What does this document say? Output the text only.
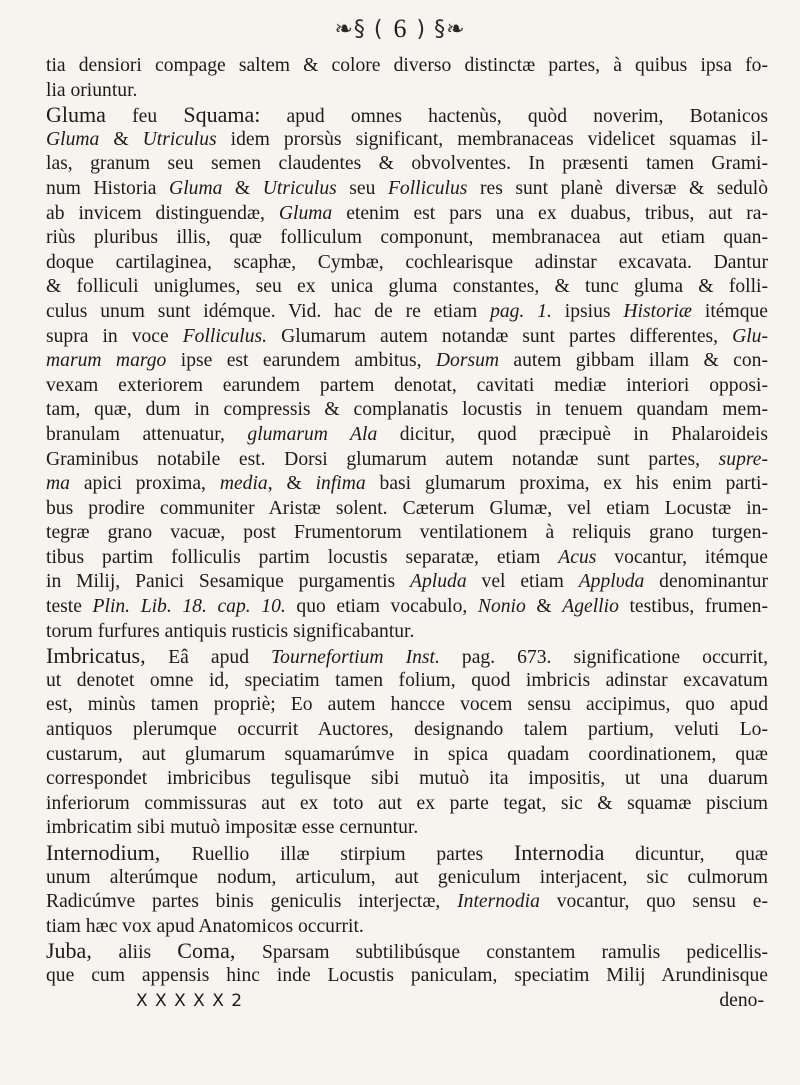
❧§ ( 6 ) §❧
tia densiori compage saltem & colore diverso distinctæ partes, à quibus ipsa fo-
lia oriuntur.
Gluma feu Squama: apud omnes hactenùs, quòd noverim, Botanicos
Gluma & Utriculus idem prorsùs significant, membranaceas videlicet squamas il-
las, granum seu semen claudentes & obvolventes. In præsenti tamen Grami-
num Historia Gluma & Utriculus seu Folliculus res sunt planè diversæ & sedulò
ab invicem distinguendæ, Gluma etenim est pars una ex duabus, tribus, aut ra-
riùs pluribus illis, quæ folliculum componunt, membranacea aut etiam quan-
doque cartilaginea, scaphæ, Cymbæ, cochlearisque adinstar excavata. Dantur
& folliculi uniglumes, seu ex unica gluma constantes, & tunc gluma & folli-
culus unum sunt idémque. Vid. hac de re etiam pag. 1. ipsius Historiæ itémque
supra in voce Folliculus. Glumarum autem notandæ sunt partes differentes, Glu-
marum margo ipse est earundem ambitus, Dorsum autem gibbam illam & con-
vexam exteriorem earundem partem denotat, cavitati mediæ interiori opposi-
tam, quæ, dum in compressis & complanatis locustis in tenuem quandam mem-
branulam attenuatur, glumarum Ala dicitur, quod præcipuè in Phalaroideis
Graminibus notabile est. Dorsi glumarum autem notandæ sunt partes, supre-
ma apici proxima, media, & infima basi glumarum proxima, ex his enim parti-
bus prodire communiter Aristæ solent. Cæterum Glumæ, vel etiam Locustæ in-
tegræ grano vacuæ, post Frumentorum ventilationem à reliquis grano turgen-
tibus partim folliculis partim locustis separatæ, etiam Acus vocantur, itémque
in Milij, Panici Sesamique purgamentis Apluda vel etiam Applυda denominantur
teste Plin. Lib. 18. cap. 10. quo etiam vocabulo, Nonio & Agellio testibus, frumen-
torum furfures antiquis rusticis significabantur.
Imbricatus, Eâ apud Tournefortium Inst. pag. 673. significatione occurrit,
ut denotet omne id, speciatim tamen folium, quod imbricis adinstar excavatum
est, minùs tamen propriè; Eo autem hancce vocem sensu accipimus, quo apud
antiquos plerumque occurrit Auctores, designando talem partium, veluti Lo-
custarum, aut glumarum squamarúmve in spica quadam coordinationem, quæ
correspondet imbricibus tegulisque sibi mutuò ita impositis, ut una duarum
inferiorum commissuras aut ex toto aut ex parte tegat, sic & squamæ piscium
imbricatim sibi mutuò impositæ esse cernuntur.
Internodium, Ruellio illæ stirpium partes Internodia dicuntur, quæ
unum alterúmque nodum, articulum, aut geniculum interjacent, sic culmorum
Radicúmve partes binis geniculis interjectæ, Internodia vocantur, quo sensu e-
tiam hæc vox apud Anatomicos occurrit.
Juba, aliis Coma, Sparsam subtilibúsque constantem ramulis pedicellis-
que cum appensis hinc inde Locustis paniculam, speciatim Milij Arundinisque
X X X X X 2	deno-
